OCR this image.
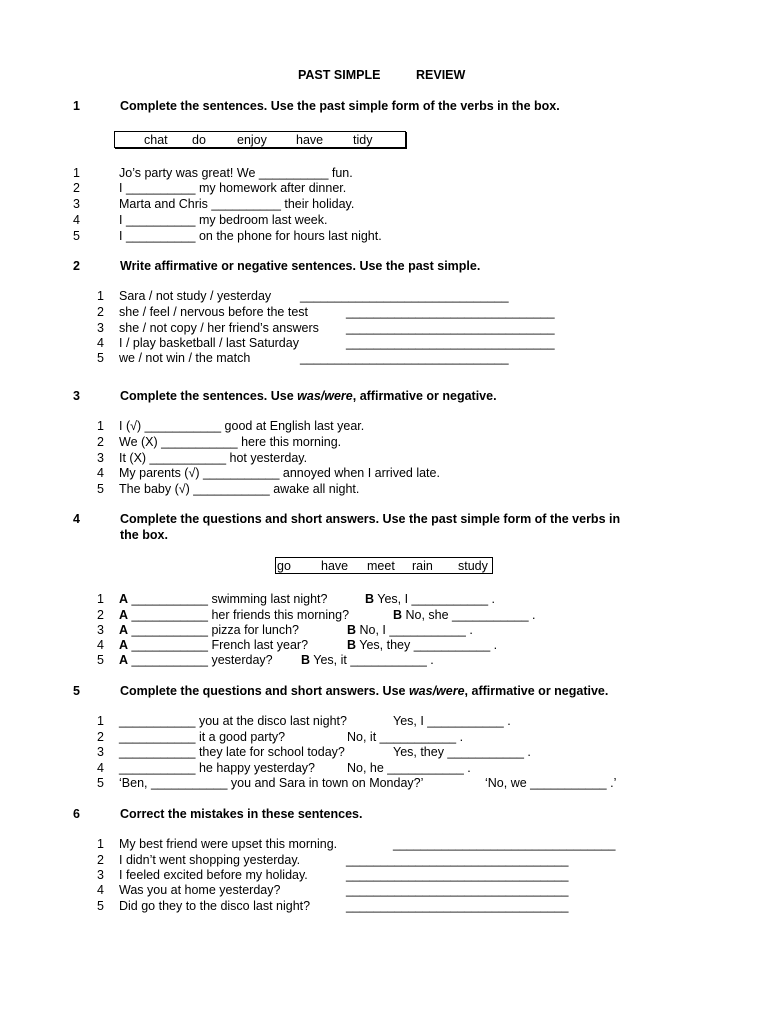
PAST SIMPLE	REVIEW
1	Complete the sentences. Use the past simple form of the verbs in the box.

chat

do

enjoy

have

tidy

1	Jo’s party was great! We __________ fun.
2	I __________ my homework after dinner.
3	Marta and Chris __________ their holiday.
4	I __________ my bedroom last week.
5	I __________ on the phone for hours last night.
2	Write affirmative or negative sentences. Use the past simple.
1 Sara / not study / yesterday ______________________________
2 she / feel / nervous before the test	______________________________
3 she / not copy / her friend’s answers ______________________________
4 I / play basketball / last Saturday	______________________________
5 we / not win / the match	______________________________
3	Complete the sentences. Use was/were, affirmative or negative.
1 I (√) ___________ good at English last year.
2 We (X) ___________ here this morning.
3 It (X) ___________ hot yesterday.
4 My parents (√) ___________ annoyed when I arrived late.
5 The baby (√) ___________ awake all night.
4	Complete the questions and short answers. Use the past simple form of the verbs in
the box.

go

have

meet

rain

study

1 A ___________ swimming last night?	B Yes, I ___________ .
2 A ___________ her friends this morning?	B No, she ___________ .
3 A ___________ pizza for lunch?	B No, I ___________ .
4 A ___________ French last year?	B Yes, they ___________ .
5 A ___________ yesterday? B Yes, it ___________ .
5	Complete the questions and short answers. Use was/were, affirmative or negative.
1 ___________ you at the disco last night?	Yes, I ___________ .
2 ___________ it a good party?	No, it ___________ .
3 ___________ they late for school today?	Yes, they ___________ .
4 ___________ he happy yesterday?	No, he ___________ .
5 ‘Ben, ___________ you and Sara in town on Monday?’	‘No, we ___________ .’
6	Correct the mistakes in these sentences.
1 My best friend were upset this morning.	________________________________
2 I didn’t went shopping yesterday.	________________________________
3 I feeled excited before my holiday.	________________________________
4 Was you at home yesterday?	________________________________
5 Did go they to the disco last night?	________________________________
